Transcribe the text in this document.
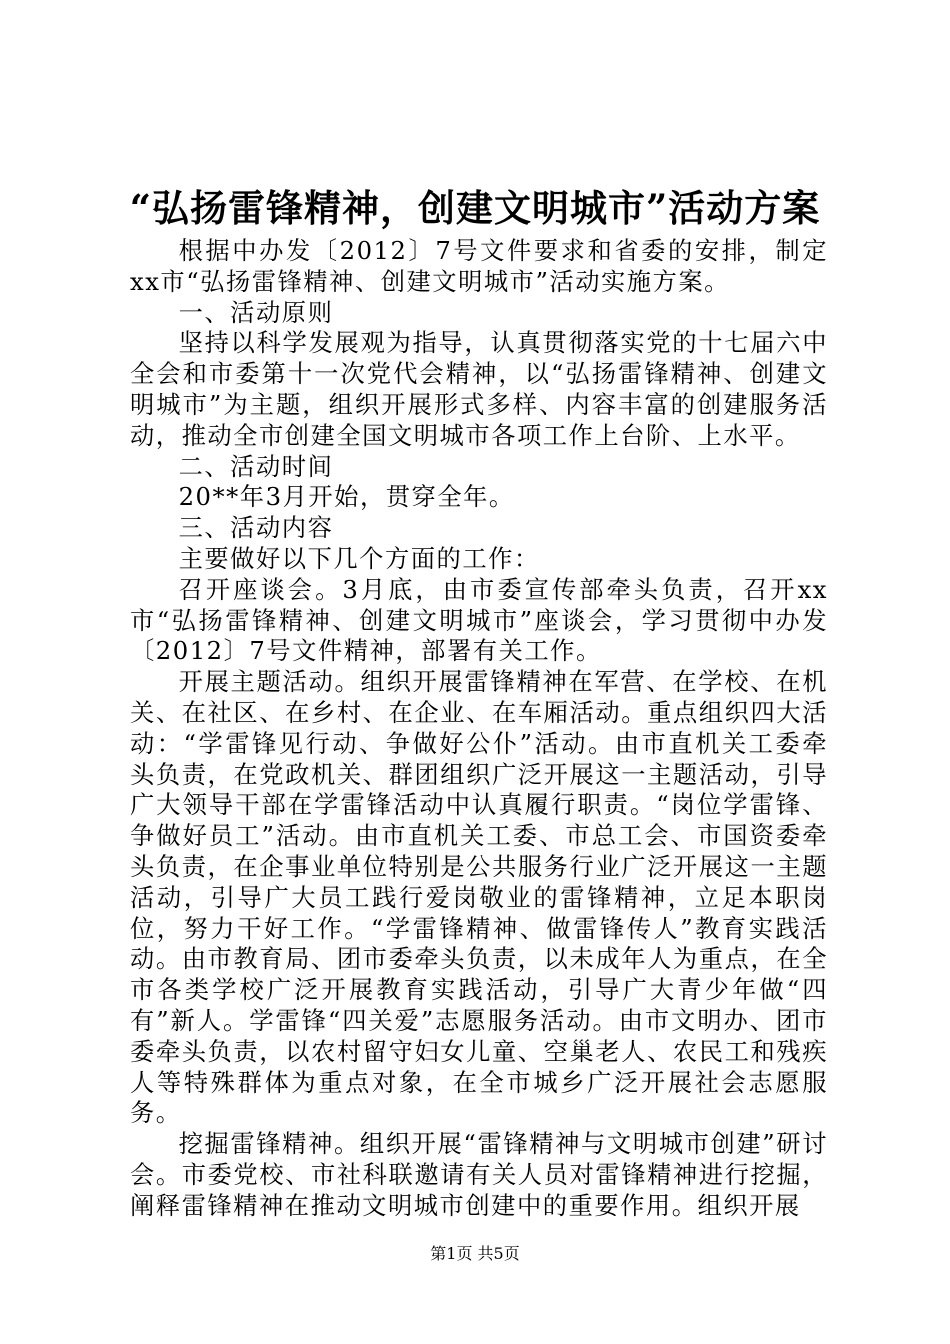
“弘扬雷锋精神，创建文明城市”活动方案

根据中办发〔2012〕7号文件要求和省委的安排，制定xx市“弘扬雷锋精神、创建文明城市”活动实施方案。

一、活动原则

坚持以科学发展观为指导，认真贯彻落实党的十七届六中全会和市委第十一次党代会精神，以“弘扬雷锋精神、创建文明城市”为主题，组织开展形式多样、内容丰富的创建服务活动，推动全市创建全国文明城市各项工作上台阶、上水平。

二、活动时间

20**年3月开始，贯穿全年。

三、活动内容

主要做好以下几个方面的工作：

召开座谈会。3月底，由市委宣传部牵头负责，召开xx市“弘扬雷锋精神、创建文明城市”座谈会，学习贯彻中办发〔2012〕7号文件精神，部署有关工作。

开展主题活动。组织开展雷锋精神在军营、在学校、在机关、在社区、在乡村、在企业、在车厢活动。重点组织四大活动：“学雷锋见行动、争做好公仆”活动。由市直机关工委牵头负责，在党政机关、群团组织广泛开展这一主题活动，引导广大领导干部在学雷锋活动中认真履行职责。“岗位学雷锋、争做好员工”活动。由市直机关工委、市总工会、市国资委牵头负责，在企事业单位特别是公共服务行业广泛开展这一主题活动，引导广大员工践行爱岗敬业的雷锋精神，立足本职岗位，努力干好工作。“学雷锋精神、做雷锋传人”教育实践活动。由市教育局、团市委牵头负责，以未成年人为重点，在全市各类学校广泛开展教育实践活动，引导广大青少年做“四有”新人。学雷锋“四关爱”志愿服务活动。由市文明办、团市委牵头负责，以农村留守妇女儿童、空巢老人、农民工和残疾人等特殊群体为重点对象，在全市城乡广泛开展社会志愿服务。

挖掘雷锋精神。组织开展“雷锋精神与文明城市创建”研讨会。市委党校、市社科联邀请有关人员对雷锋精神进行挖掘，阐释雷锋精神在推动文明城市创建中的重要作用。组织开展

第1页 共5页
